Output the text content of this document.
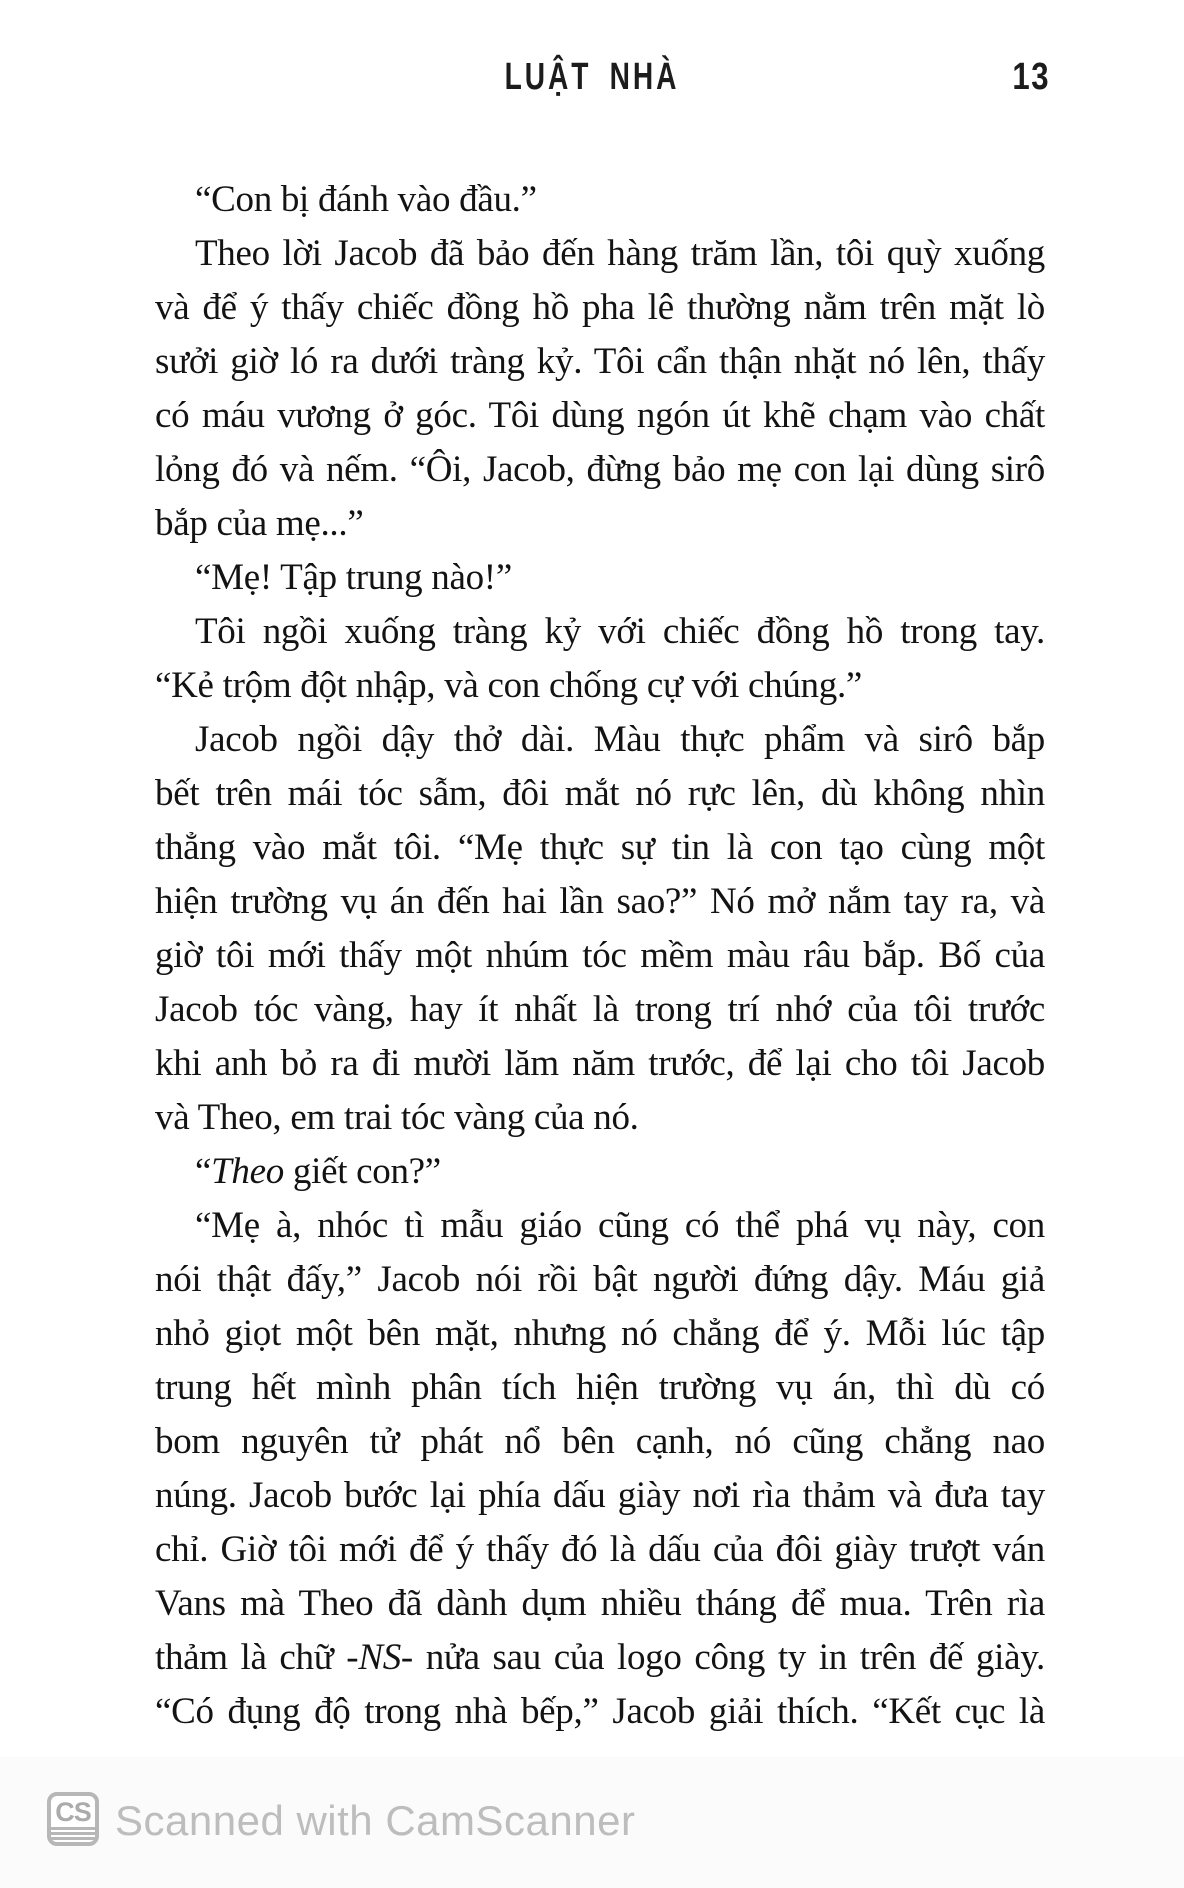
LUẬT NHÀ	13
“Con bị đánh vào đầu.”
Theo lời Jacob đã bảo đến hàng trăm lần, tôi quỳ xuống
và để ý thấy chiếc đồng hồ pha lê thường nằm trên mặt lò
sưởi giờ ló ra dưới tràng kỷ. Tôi cẩn thận nhặt nó lên, thấy
có máu vương ở góc. Tôi dùng ngón út khẽ chạm vào chất
lỏng đó và nếm. “Ôi, Jacob, đừng bảo mẹ con lại dùng sirô
bắp của mẹ...”
“Mẹ! Tập trung nào!”
Tôi ngồi xuống tràng kỷ với chiếc đồng hồ trong tay.
“Kẻ trộm đột nhập, và con chống cự với chúng.”
Jacob ngồi dậy thở dài. Màu thực phẩm và sirô bắp
bết trên mái tóc sẫm, đôi mắt nó rực lên, dù không nhìn
thẳng vào mắt tôi. “Mẹ thực sự tin là con tạo cùng một
hiện trường vụ án đến hai lần sao?” Nó mở nắm tay ra, và
giờ tôi mới thấy một nhúm tóc mềm màu râu bắp. Bố của
Jacob tóc vàng, hay ít nhất là trong trí nhớ của tôi trước
khi anh bỏ ra đi mười lăm năm trước, để lại cho tôi Jacob
và Theo, em trai tóc vàng của nó.
“Theo giết con?”
“Mẹ à, nhóc tì mẫu giáo cũng có thể phá vụ này, con
nói thật đấy,” Jacob nói rồi bật người đứng dậy. Máu giả
nhỏ giọt một bên mặt, nhưng nó chẳng để ý. Mỗi lúc tập
trung hết mình phân tích hiện trường vụ án, thì dù có
bom nguyên tử phát nổ bên cạnh, nó cũng chẳng nao
núng. Jacob bước lại phía dấu giày nơi rìa thảm và đưa tay
chỉ. Giờ tôi mới để ý thấy đó là dấu của đôi giày trượt ván
Vans mà Theo đã dành dụm nhiều tháng để mua. Trên rìa
thảm là chữ -NS- nửa sau của logo công ty in trên đế giày.
“Có đụng độ trong nhà bếp,” Jacob giải thích. “Kết cục là
CS Scanned with CamScanner
